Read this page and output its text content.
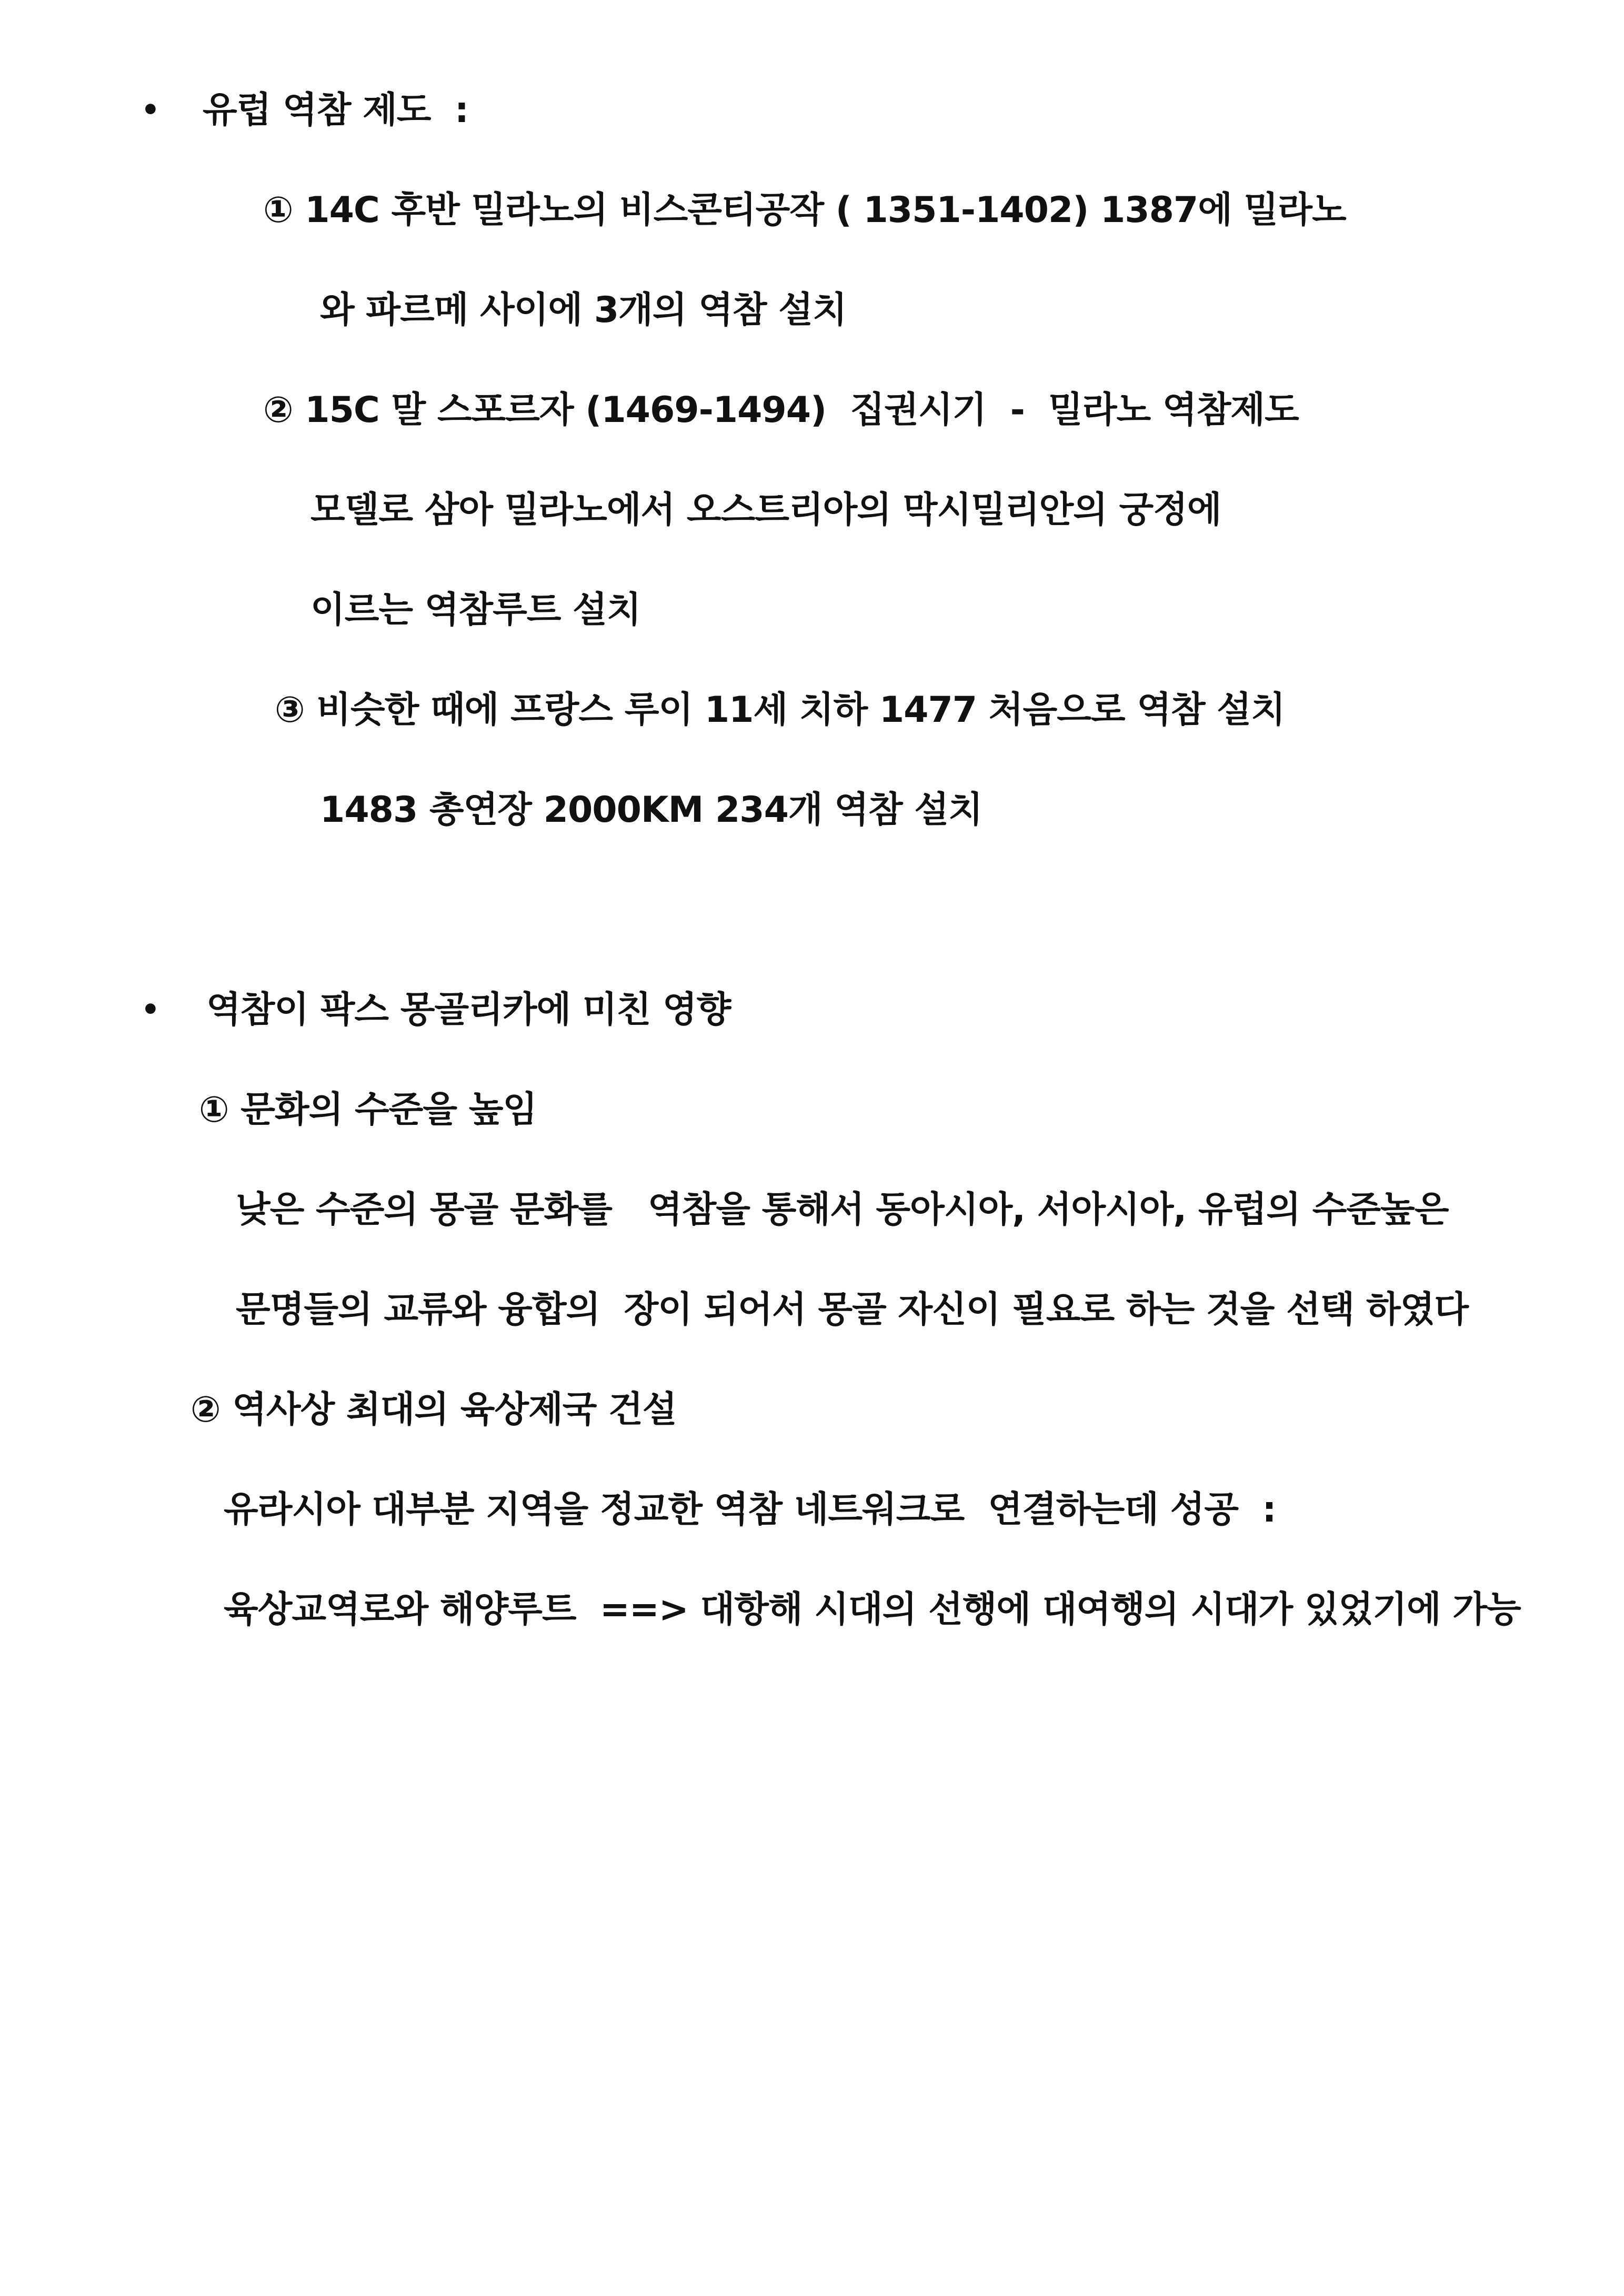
• 유럽 역참 제도  :
① 14C 후반 밀라노의 비스콘티공작 ( 1351-1402) 1387에 밀라노
와 파르메 사이에 3개의 역참 설치
② 15C 말 스포르자 (1469-1494)  집권시기  -  밀라노 역참제도
모델로 삼아 밀라노에서 오스트리아의 막시밀리안의 궁정에
이르는 역참루트 설치
③ 비슷한 때에 프랑스 루이 11세 치하 1477 처음으로 역참 설치
1483 총연장 2000KM 234개 역참 설치
• 역참이 팍스 몽골리카에 미친 영향
① 문화의 수준을 높임
낮은 수준의 몽골 문화를   역참을 통해서 동아시아, 서아시아, 유럽의 수준높은
문명들의 교류와 융합의  장이 되어서 몽골 자신이 필요로 하는 것을 선택 하였다
② 역사상 최대의 육상제국 건설
유라시아 대부분 지역을 정교한 역참 네트워크로  연결하는데 성공  :
육상교역로와 해양루트  ==> 대항해 시대의 선행에 대여행의 시대가 있었기에 가능
